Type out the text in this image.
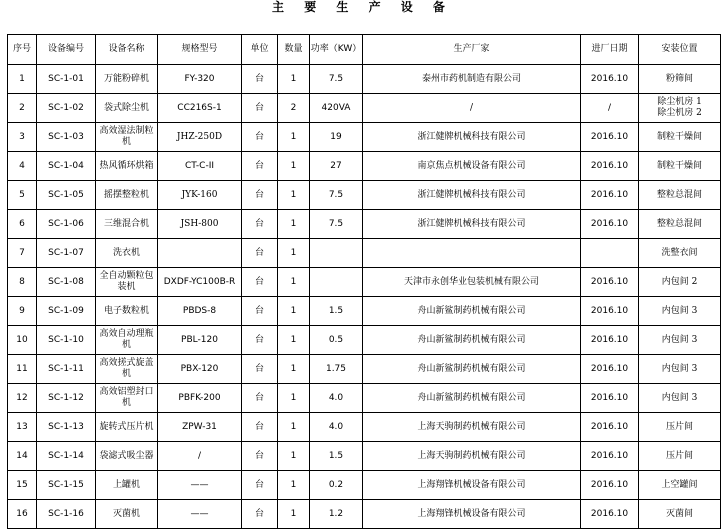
主 要 生 产 设 备
序号	设备编号	设备名称	规格型号	单位	数量	功率（KW）	生产厂家	进厂日期	安装位置
1	SC-1-01	万能粉碎机	FY-320	台	1	7.5	泰州市药机制造有限公司	2016.10	粉筛间
2	SC-1-02	袋式除尘机	CC216S-1	台	2	420VA	/	/	除尘机房 1
除尘机房 2
3	SC-1-03	高效湿法制粒机	JHZ-250D	台	1	19	浙江健牌机械科技有限公司	2016.10	制粒干燥间
4	SC-1-04	热风循环烘箱	CT-C-II	台	1	27	南京焦点机械设备有限公司	2016.10	制粒干燥间
5	SC-1-05	摇摆整粒机	JYK-160	台	1	7.5	浙江健牌机械科技有限公司	2016.10	整粒总混间
6	SC-1-06	三维混合机	JSH-800	台	1	7.5	浙江健牌机械科技有限公司	2016.10	整粒总混间
7	SC-1-07	洗衣机		台	1				洗整衣间
8	SC-1-08	全自动颗粒包装机	DXDF-YC100B-R	台	1		天津市永创华业包装机械有限公司	2016.10	内包间 2
9	SC-1-09	电子数粒机	PBDS-8	台	1	1.5	舟山新鲨制药机械有限公司	2016.10	内包间 3
10	SC-1-10	高效自动理瓶机	PBL-120	台	1	0.5	舟山新鲨制药机械有限公司	2016.10	内包间 3
11	SC-1-11	高效搓式旋盖机	PBX-120	台	1	1.75	舟山新鲨制药机械有限公司	2016.10	内包间 3
12	SC-1-12	高效铝塑封口机	PBFK-200	台	1	4.0	舟山新鲨制药机械有限公司	2016.10	内包间 3
13	SC-1-13	旋转式压片机	ZPW-31	台	1	4.0	上海天驹制药机械有限公司	2016.10	压片间
14	SC-1-14	袋滤式吸尘器	/	台	1	1.5	上海天驹制药机械有限公司	2016.10	压片间
15	SC-1-15	上罐机	——	台	1	0.2	上海翔锋机械设备有限公司	2016.10	上空罐间
16	SC-1-16	灭菌机	——	台	1	1.2	上海翔锋机械设备有限公司	2016.10	灭菌间
